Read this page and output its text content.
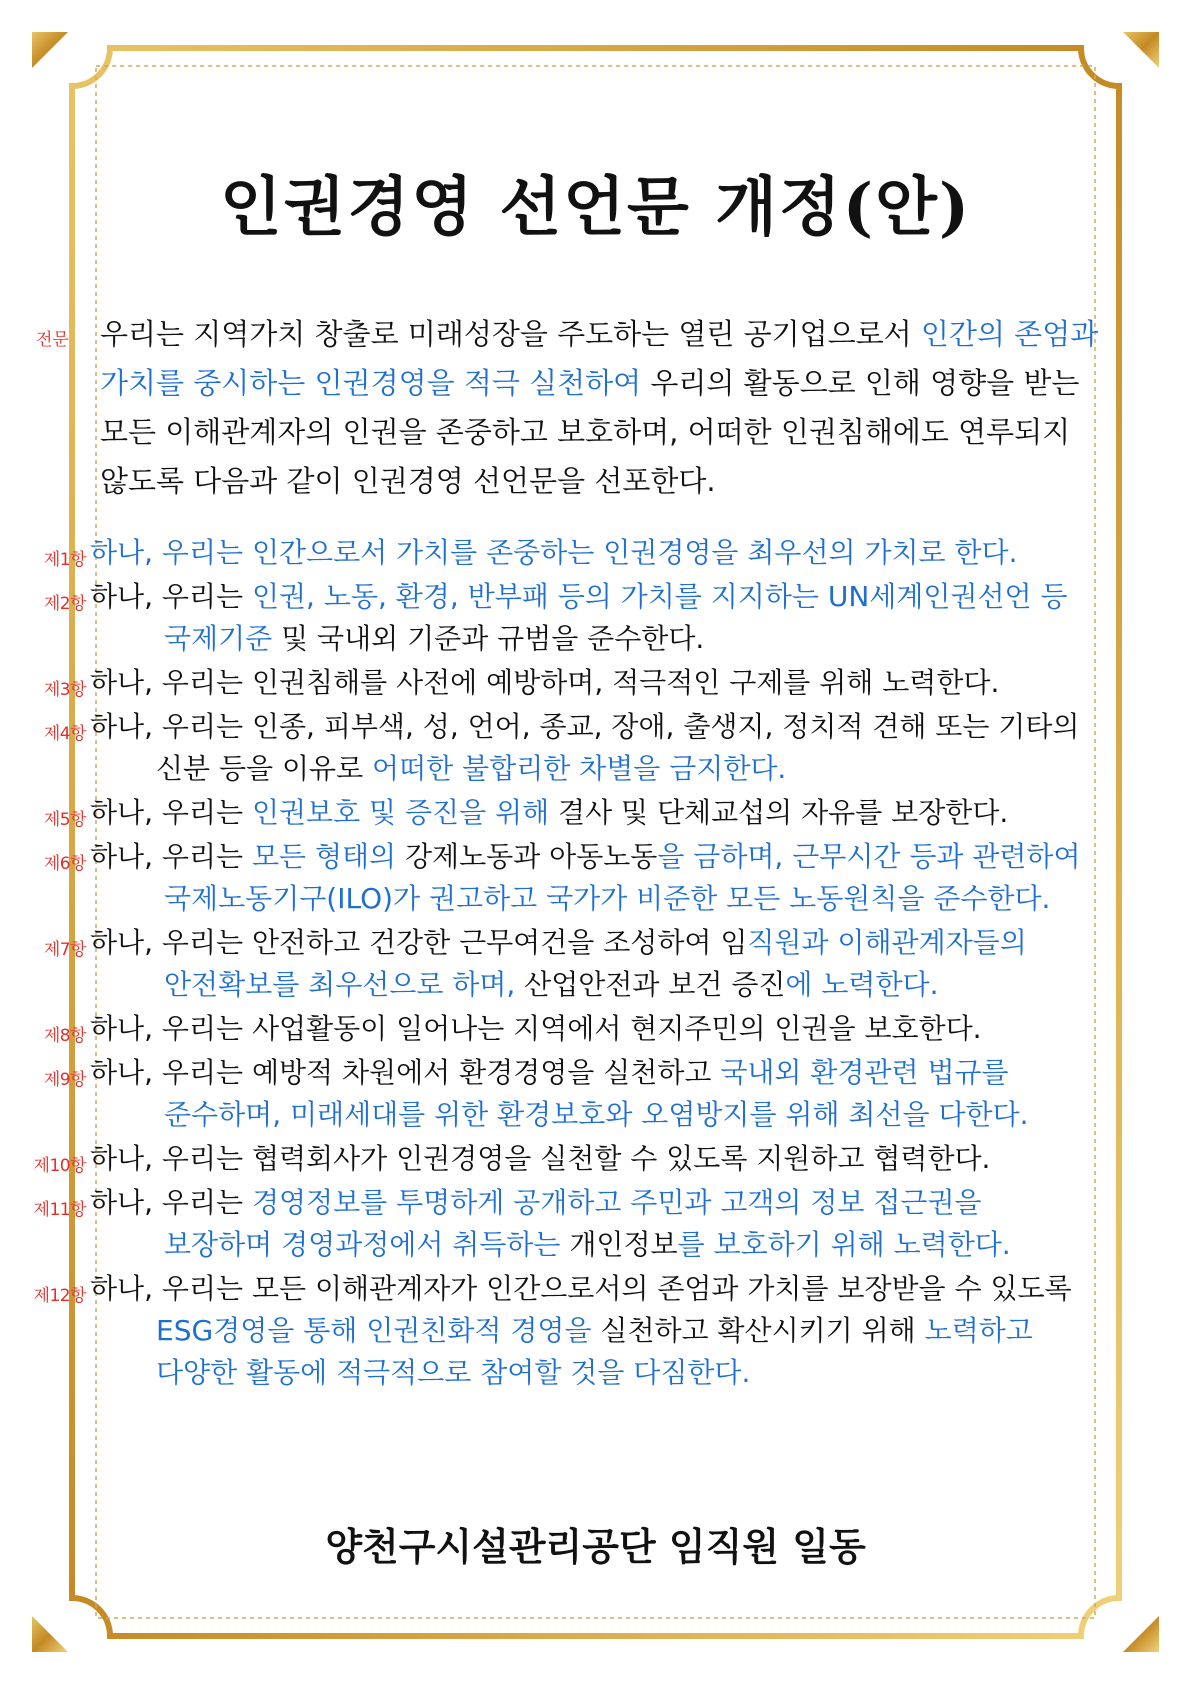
인권경영 선언문 개정(안)
전문 우리는 지역가치 창출로 미래성장을 주도하는 열린 공기업으로서 인간의 존엄과 가치를 중시하는 인권경영을 적극 실천하여 우리의 활동으로 인해 영향을 받는 모든 이해관계자의 인권을 존중하고 보호하며, 어떠한 인권침해에도 연루되지 않도록 다음과 같이 인권경영 선언문을 선포한다.
제1항 하나, 우리는 인간으로서 가치를 존중하는 인권경영을 최우선의 가치로 한다.
제2항 하나, 우리는 인권, 노동, 환경, 반부패 등의 가치를 지지하는 UN세계인권선언 등
국제기준 및 국내외 기준과 규범을 준수한다.
제3항 하나, 우리는 인권침해를 사전에 예방하며, 적극적인 구제를 위해 노력한다.
제4항 하나, 우리는 인종, 피부색, 성, 언어, 종교, 장애, 출생지, 정치적 견해 또는 기타의
신분 등을 이유로 어떠한 불합리한 차별을 금지한다.
제5항 하나, 우리는 인권보호 및 증진을 위해 결사 및 단체교섭의 자유를 보장한다.
제6항 하나, 우리는 모든 형태의 강제노동과 아동노동을 금하며, 근무시간 등과 관련하여
국제노동기구(ILO)가 권고하고 국가가 비준한 모든 노동원칙을 준수한다.
제7항 하나, 우리는 안전하고 건강한 근무여건을 조성하여 임직원과 이해관계자들의
안전확보를 최우선으로 하며, 산업안전과 보건 증진에 노력한다.
제8항 하나, 우리는 사업활동이 일어나는 지역에서 현지주민의 인권을 보호한다.
제9항 하나, 우리는 예방적 차원에서 환경경영을 실천하고 국내외 환경관련 법규를
준수하며, 미래세대를 위한 환경보호와 오염방지를 위해 최선을 다한다.
제10항 하나, 우리는 협력회사가 인권경영을 실천할 수 있도록 지원하고 협력한다.
제11항 하나, 우리는 경영정보를 투명하게 공개하고 주민과 고객의 정보 접근권을
보장하며 경영과정에서 취득하는 개인정보를 보호하기 위해 노력한다.
제12항 하나, 우리는 모든 이해관계자가 인간으로서의 존엄과 가치를 보장받을 수 있도록
ESG경영을 통해 인권친화적 경영을 실천하고 확산시키기 위해 노력하고
다양한 활동에 적극적으로 참여할 것을 다짐한다.
양천구시설관리공단 임직원 일동
